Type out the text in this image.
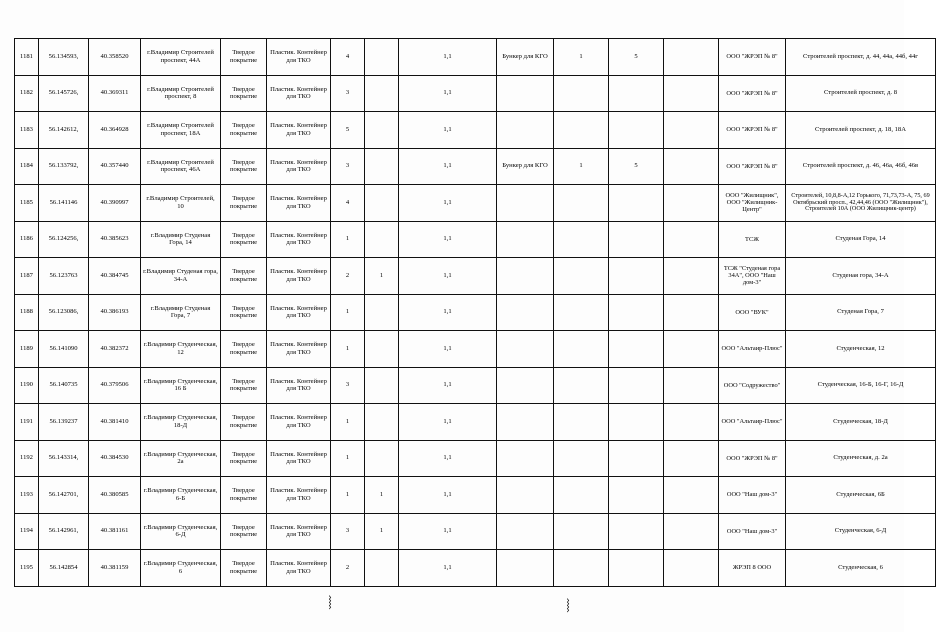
1181	56.134593,	40.358520	г.Владимир Строителей проспект, 44А	Твердое покрытие	Пластик. Контейнер для ТКО	4		1,1	Бункер для КГО	1	5		ООО "ЖРЭП № 8"	Строителей проспект, д. 44, 44а, 44б, 44г
1182	56.145726,	40.369311	г.Владимир Строителей проспект, 8	Твердое покрытие	Пластик. Контейнер для ТКО	3		1,1					ООО "ЖРЭП № 8"	Строителей проспект, д. 8
1183	56.142612,	40.364928	г.Владимир Строителей проспект, 18А	Твердое покрытие	Пластик. Контейнер для ТКО	5		1,1					ООО "ЖРЭП № 8"	Строителей проспект, д. 18, 18А
1184	56.133792,	40.357440	г.Владимир Строителей проспект, 46А	Твердое покрытие	Пластик. Контейнер для ТКО	3		1,1	Бункер для КГО	1	5		ООО "ЖРЭП № 8"	Строителей проспект, д. 46, 46а, 46б, 46в
1185	56.141146	40.390997	г.Владимир Строителей, 10	Твердое покрытие	Пластик. Контейнер для ТКО	4		1,1					ООО "Жилищник", ООО "Жилищник-Центр"	Строителей, 10,8,8-А,12 Горького, 71,73,73-А, 75, 69 Октябрьский просп., 42,44,46 (ООО "Жилищник"), Строителей 10А (ООО Жилищник-центр)
1186	56.124256,	40.385623	г.Владимир Студеная Гора, 14	Твердое покрытие	Пластик. Контейнер для ТКО	1		1,1					ТСЖ	Студеная Гора, 14
1187	56.123763	40.384745	г.Владимир Студеная гора, 34-А	Твердое покрытие	Пластик. Контейнер для ТКО	2	1	1,1					ТСЖ "Студеная гора 34А", ООО "Наш дом-3"	Студеная гора, 34-А
1188	56.123086,	40.386193	г.Владимир Студеная Гора, 7	Твердое покрытие	Пластик. Контейнер для ТКО	1		1,1					ООО "ВУК"	Студеная Гора, 7
1189	56.141090	40.382372	г.Владимир Студенческая, 12	Твердое покрытие	Пластик. Контейнер для ТКО	1		1,1					ООО "Альтаир-Плюс"	Студенческая, 12
1190	56.140735	40.379506	г.Владимир Студенческая, 16 Б	Твердое покрытие	Пластик. Контейнер для ТКО	3		1,1					ООО "Содружество"	Студенческая, 16-Б, 16-Г, 16-Д
1191	56.139237	40.381410	г.Владимир Студенческая, 18-Д	Твердое покрытие	Пластик. Контейнер для ТКО	1		1,1					ООО "Альтаир-Плюс"	Студенческая, 18-Д
1192	56.143314,	40.384530	г.Владимир Студенческая, 2а	Твердое покрытие	Пластик. Контейнер для ТКО	1		1,1					ООО "ЖРЭП № 8"	Студенческая, д. 2а
1193	56.142701,	40.380585	г.Владимир Студенческая, 6-Б	Твердое покрытие	Пластик. Контейнер для ТКО	1	1	1,1					ООО "Наш дом-3"	Студенческая, 6Б
1194	56.142961,	40.381161	г.Владимир Студенческая, 6-Д	Твердое покрытие	Пластик. Контейнер для ТКО	3	1	1,1					ООО "Наш дом-3"	Студенческая, 6-Д
1195	56.142854	40.381159	г.Владимир Студенческая, 6	Твердое покрытие	Пластик. Контейнер для ТКО	2		1,1					ЖРЭП 8 ООО	Студенческая, 6
⧘	⧘
